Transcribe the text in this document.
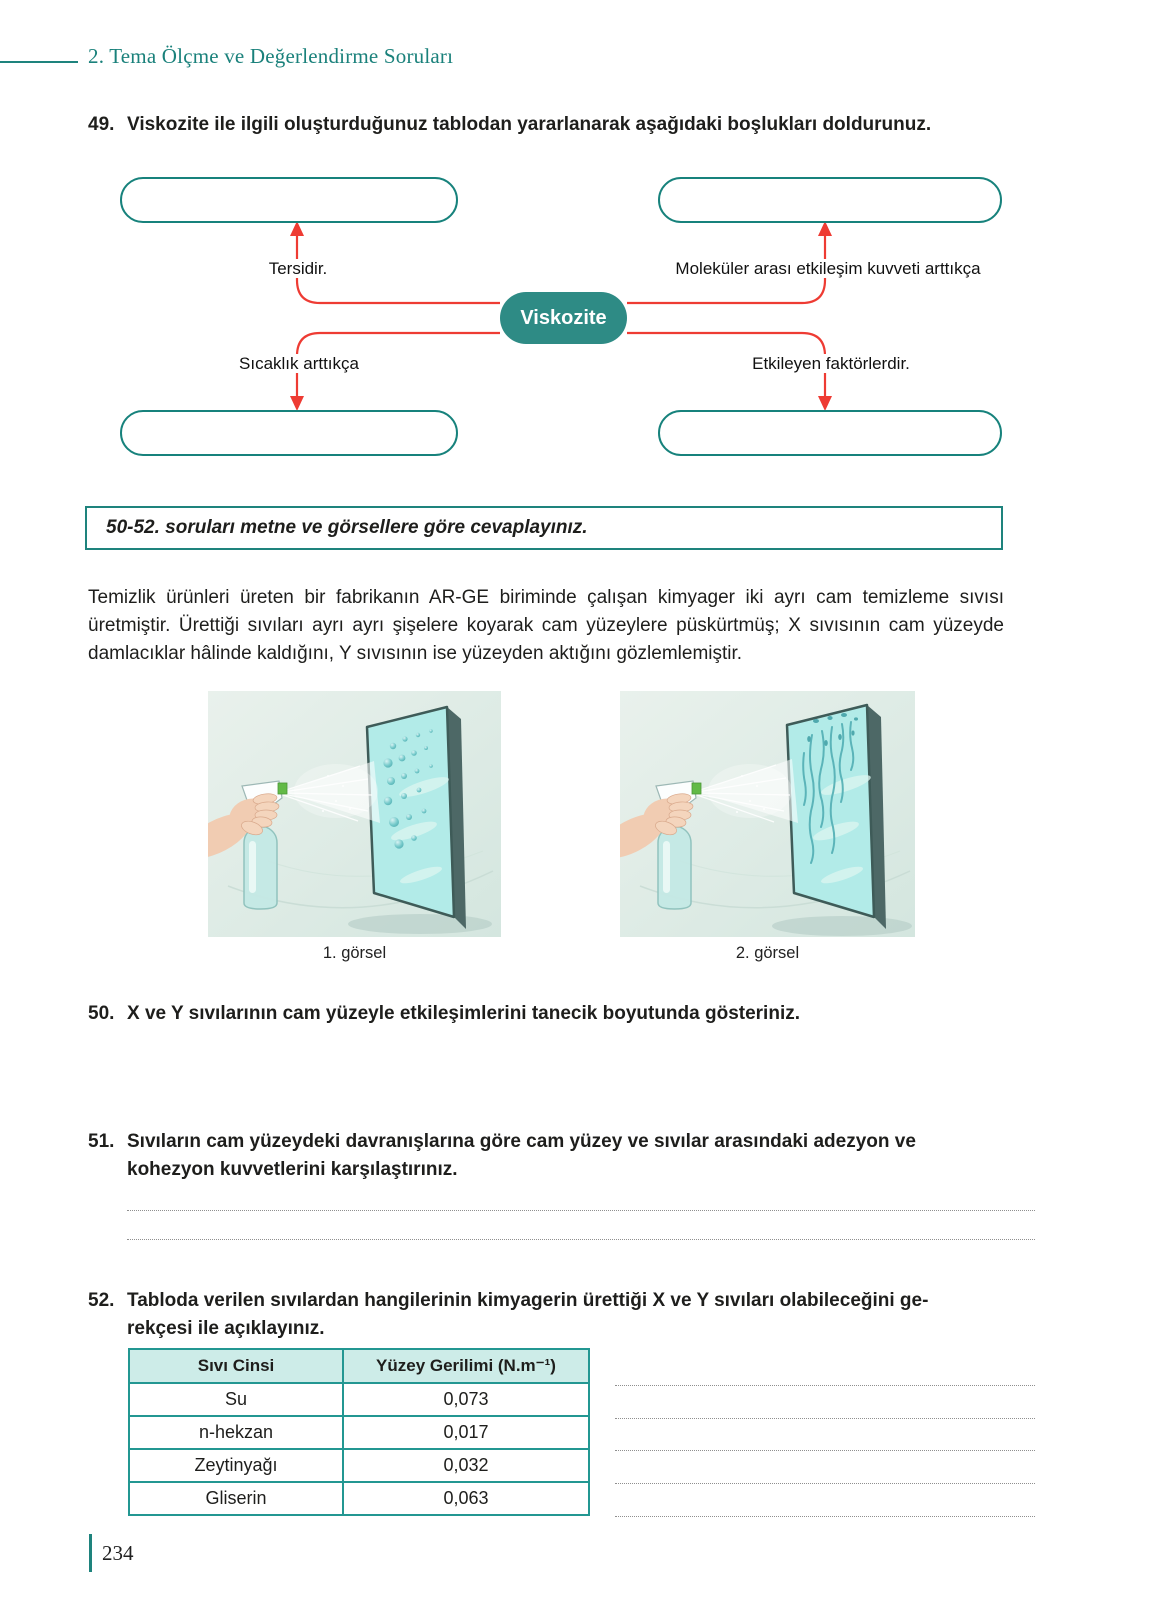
2. Tema Ölçme ve Değerlendirme Soruları
49. Viskozite ile ilgili oluşturduğunuz tablodan yararlanarak aşağıdaki boşlukları doldurunuz.
Tersidir.	Moleküler arası etkileşim kuvveti arttıkça
Sıcaklık arttıkça	Etkileyen faktörlerdir.
Viskozite
50-52. soruları metne ve görsellere göre cevaplayınız.
Temizlik ürünleri üreten bir fabrikanın AR-GE biriminde çalışan kimyager iki ayrı cam temizleme sıvısı üretmiştir. Ürettiği sıvıları ayrı ayrı şişelere koyarak cam yüzeylere püskürtmüş; X sıvısının cam yüzeyde damlacıklar hâlinde kaldığını, Y sıvısının ise yüzeyden aktığını gözlemlemiştir.
1. görsel	2. görsel
50. X ve Y sıvılarının cam yüzeyle etkileşimlerini tanecik boyutunda gösteriniz.
51. Sıvıların cam yüzeydeki davranışlarına göre cam yüzey ve sıvılar arasındaki adezyon ve
kohezyon kuvvetlerini karşılaştırınız.
52. Tabloda verilen sıvılardan hangilerinin kimyagerin ürettiği X ve Y sıvıları olabileceğini ge-
rekçesi ile açıklayınız.
Sıvı Cinsi	Yüzey Gerilimi (N.m⁻¹)
Su	0,073
n-hekzan	0,017
Zeytinyağı	0,032
Gliserin	0,063
234
